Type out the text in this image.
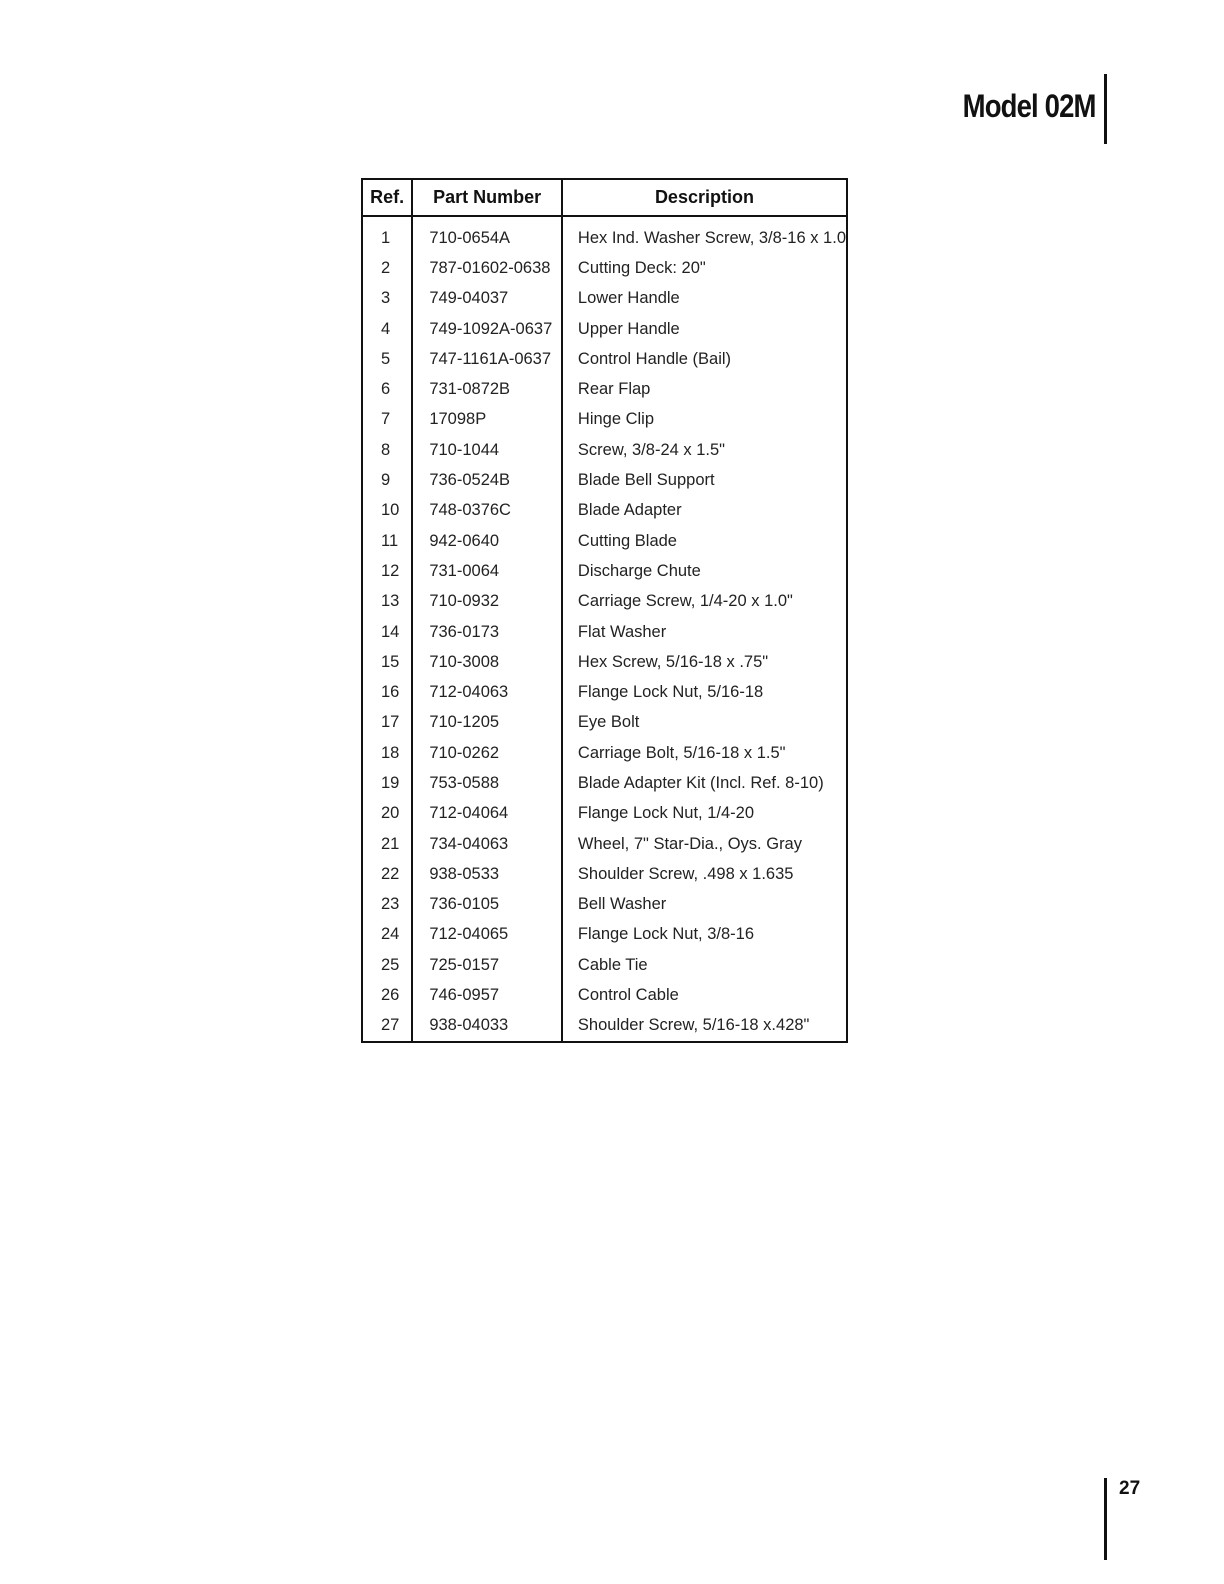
Model 02M
Ref.	Part Number	Description
1	710-0654A	Hex Ind. Washer Screw, 3/8-16 x 1.0
2	787-01602-0638	Cutting Deck: 20"
3	749-04037	Lower Handle
4	749-1092A-0637	Upper Handle
5	747-1161A-0637	Control Handle (Bail)
6	731-0872B	Rear Flap
7	17098P	Hinge Clip
8	710-1044	Screw, 3/8-24 x 1.5"
9	736-0524B	Blade Bell Support
10	748-0376C	Blade Adapter
11	942-0640	Cutting Blade
12	731-0064	Discharge Chute
13	710-0932	Carriage Screw, 1/4-20 x 1.0"
14	736-0173	Flat Washer
15	710-3008	Hex Screw, 5/16-18 x .75"
16	712-04063	Flange Lock Nut, 5/16-18
17	710-1205	Eye Bolt
18	710-0262	Carriage Bolt, 5/16-18 x 1.5"
19	753-0588	Blade Adapter Kit (Incl. Ref. 8-10)
20	712-04064	Flange Lock Nut, 1/4-20
21	734-04063	Wheel, 7" Star-Dia., Oys. Gray
22	938-0533	Shoulder Screw, .498 x 1.635
23	736-0105	Bell Washer
24	712-04065	Flange Lock Nut, 3/8-16
25	725-0157	Cable Tie
26	746-0957	Control Cable
27	938-04033	Shoulder Screw, 5/16-18 x.428"
27
